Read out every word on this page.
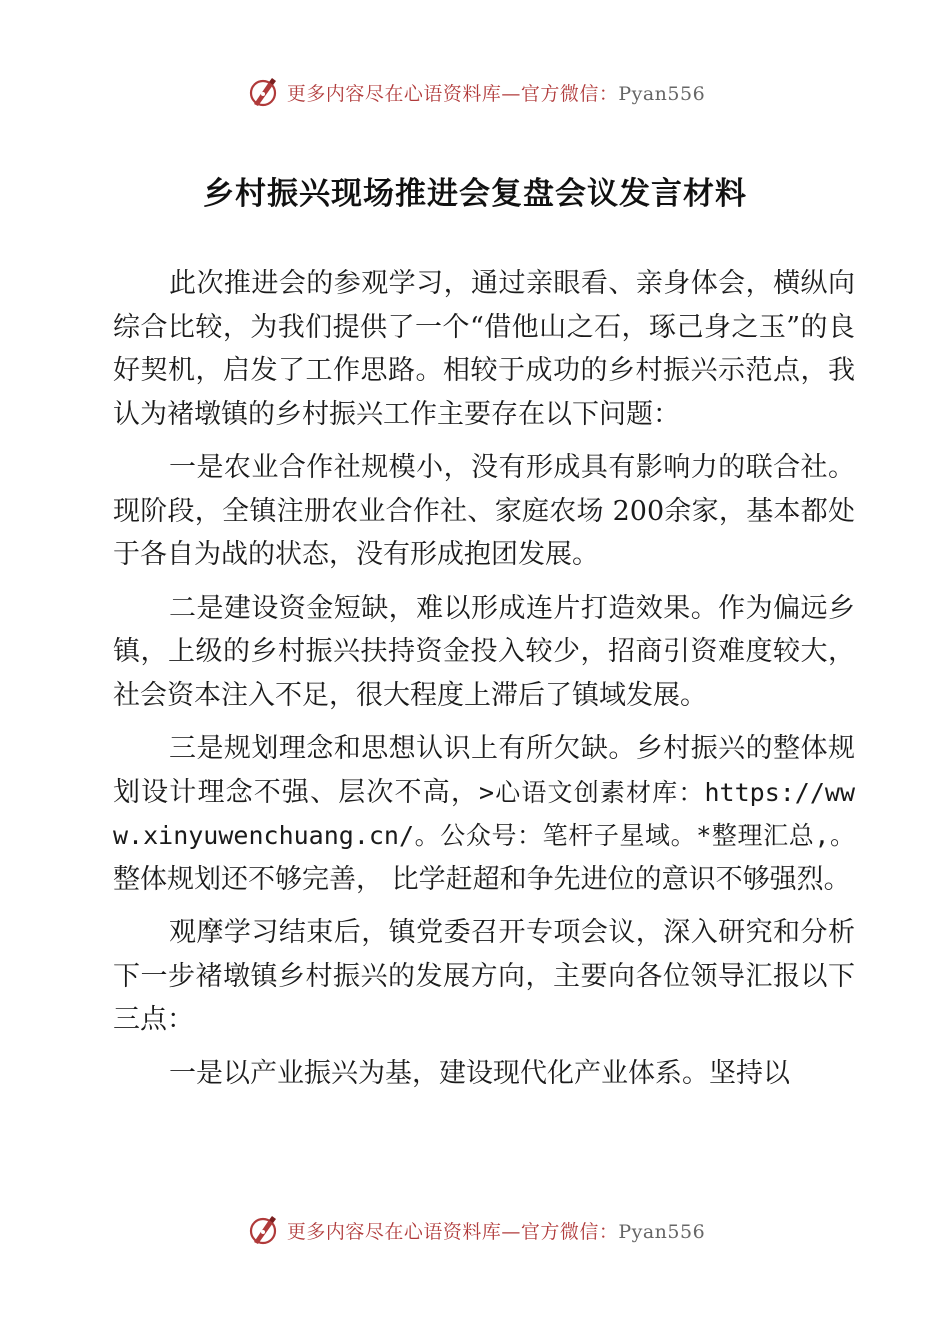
更多内容尽在心语资料库—官方微信：Pyan556
乡村振兴现场推进会复盘会议发言材料

此次推进会的参观学习，通过亲眼看、亲身体会，横纵向综合比较，为我们提供了一个“借他山之石，琢己身之玉”的良好契机，启发了工作思路。相较于成功的乡村振兴示范点，我认为褚墩镇的乡村振兴工作主要存在以下问题：

一是农业合作社规模小，没有形成具有影响力的联合社。现阶段，全镇注册农业合作社、家庭农场 200余家，基本都处于各自为战的状态，没有形成抱团发展。

二是建设资金短缺，难以形成连片打造效果。作为偏远乡镇，上级的乡村振兴扶持资金投入较少，招商引资难度较大，社会资本注入不足，很大程度上滞后了镇域发展。

三是规划理念和思想认识上有所欠缺。乡村振兴的整体规划设计理念不强、层次不高，>心语文创素材库：https://www.xinyuwenchuang.cn/。公众号：笔杆子星域。*整理汇总,。整体规划还不够完善， 比学赶超和争先进位的意识不够强烈。

观摩学习结束后，镇党委召开专项会议，深入研究和分析下一步褚墩镇乡村振兴的发展方向，主要向各位领导汇报以下三点：

一是以产业振兴为基，建设现代化产业体系。坚持以

更多内容尽在心语资料库—官方微信：Pyan556
